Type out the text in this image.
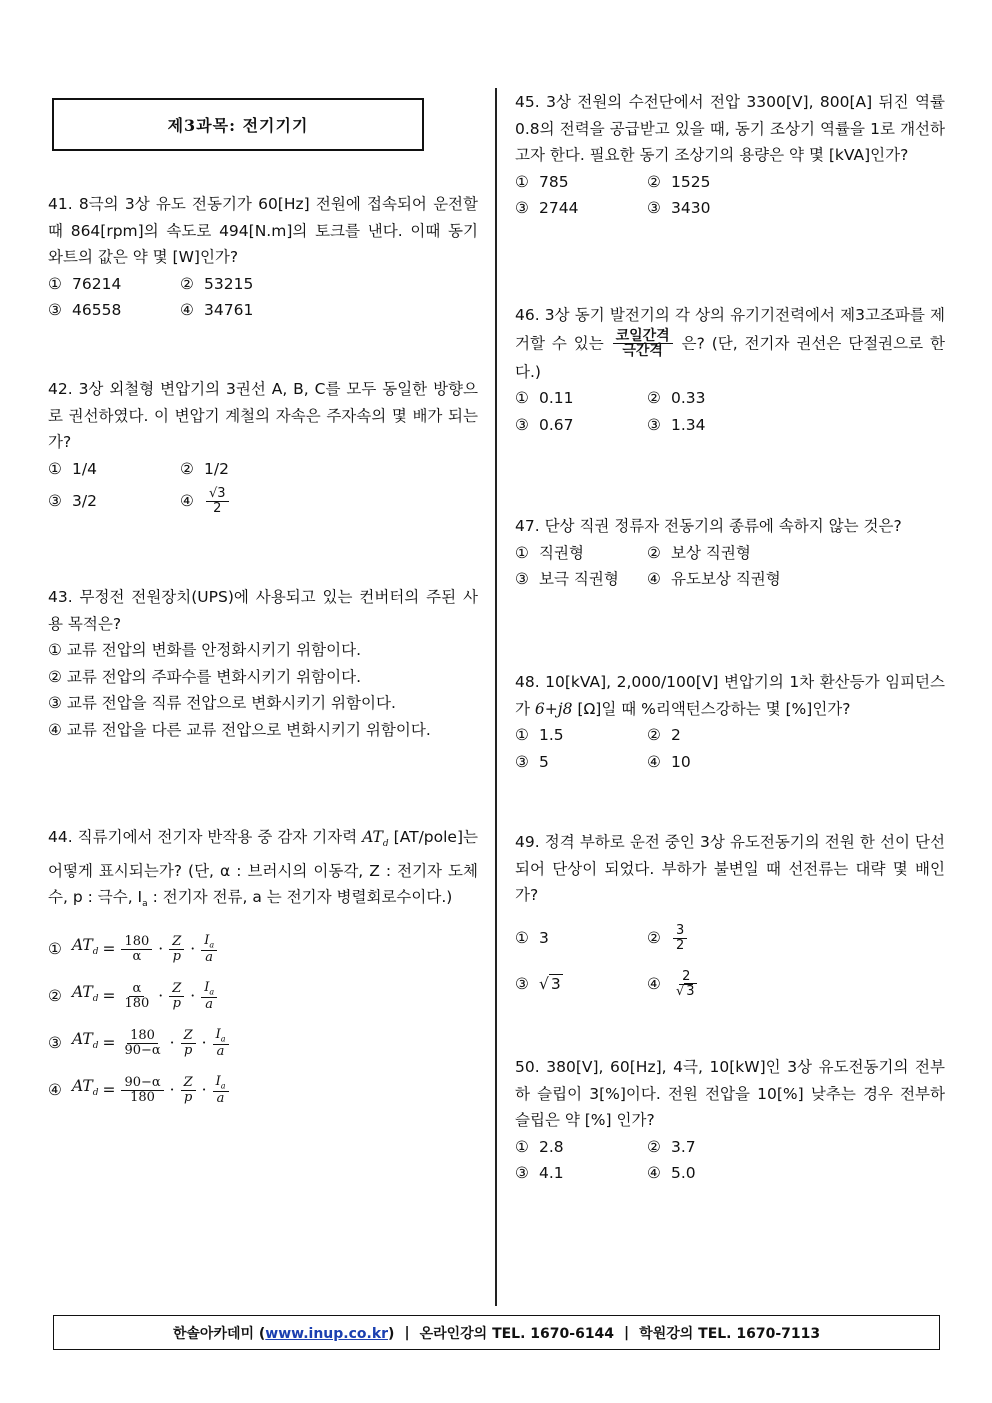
제3과목: 전기기기
41. 8극의 3상 유도 전동기가 60[Hz] 전원에 접속되어 운전할 때 864[rpm]의 속도로 494[N.m]의 토크를 낸다. 이때 동기 와트의 값은 약 몇 [W]인가?
① 76214	② 53215
③ 46558	④ 34761
42. 3상 외철형 변압기의 3권선 A, B, C를 모두 동일한 방향으로 권선하였다. 이 변압기 계철의 자속은 주자속의 몇 배가 되는가?
① 1/4	② 1/2
③ 3/2	④ $\frac{√3}{2}$
43. 무정전 전원장치(UPS)에 사용되고 있는 컨버터의 주된 사용 목적은?
① 교류 전압의 변화를 안정화시키기 위함이다.
② 교류 전압의 주파수를 변화시키기 위함이다.
③ 교류 전압을 직류 전압으로 변화시키기 위함이다.
④ 교류 전압을 다른 교류 전압으로 변화시키기 위함이다.
44. 직류기에서 전기자 반작용 중 감자 기자력 $AT_d$ [AT/pole]는 어떻게 표시되는가? (단, α : 브러시의 이동각, Z : 전기자 도체수, p : 극수, $I_a$ : 전기자 전류, a 는 전기자 병렬회로수이다.)
① $AT_d = \frac{180}{\alpha} \cdot \frac{Z}{p} \cdot \frac{I_a}{a}$
② $AT_d = \frac{\alpha}{180} \cdot \frac{Z}{p} \cdot \frac{I_a}{a}$
③ $AT_d = \frac{180}{90-\alpha} \cdot \frac{Z}{p} \cdot \frac{I_a}{a}$
④ $AT_d = \frac{90-\alpha}{180} \cdot \frac{Z}{p} \cdot \frac{I_a}{a}$
45. 3상 전원의 수전단에서 전압 3300[V], 800[A] 뒤진 역률 0.8의 전력을 공급받고 있을 때, 동기 조상기 역률을 1로 개선하고자 한다. 필요한 동기 조상기의 용량은 약 몇 [kVA]인가?
① 785	② 1525
③ 2744	③ 3430
46. 3상 동기 발전기의 각 상의 유기기전력에서 제3고조파를 제거할 수 있는 $\frac{\text{코일간격}}{\text{극간격}}$ 은? (단, 전기자 권선은 단절권으로 한다.)
① 0.11	② 0.33
③ 0.67	③ 1.34
47. 단상 직권 정류자 전동기의 종류에 속하지 않는 것은?
① 직권형	② 보상 직권형
③ 보극 직권형 ④ 유도보상 직권형
48. 10[kVA], 2,000/100[V] 변압기의 1차 환산등가 임피던스가 6+j8 [Ω]일 때 %리액턴스강하는 몇 [%]인가?
① 1.5	② 2
③ 5	④ 10
49. 정격 부하로 운전 중인 3상 유도전동기의 전원 한 선이 단선되어 단상이 되었다. 부하가 불변일 때 선전류는 대략 몇 배인가?
① 3	② $\frac{3}{2}$
③ √ 3	④ $\frac{2}{√ 3}$
50. 380[V], 60[Hz], 4극, 10[kW]인 3상 유도전동기의 전부하 슬립이 3[%]이다. 전원 전압을 10[%] 낮추는 경우 전부하 슬립은 약 [%] 인가?
① 2.8	② 3.7
③ 4.1	④ 5.0
한솔아카데미 (www.inup.co.kr) | 온라인강의 TEL. 1670-6144 | 학원강의 TEL. 1670-7113
